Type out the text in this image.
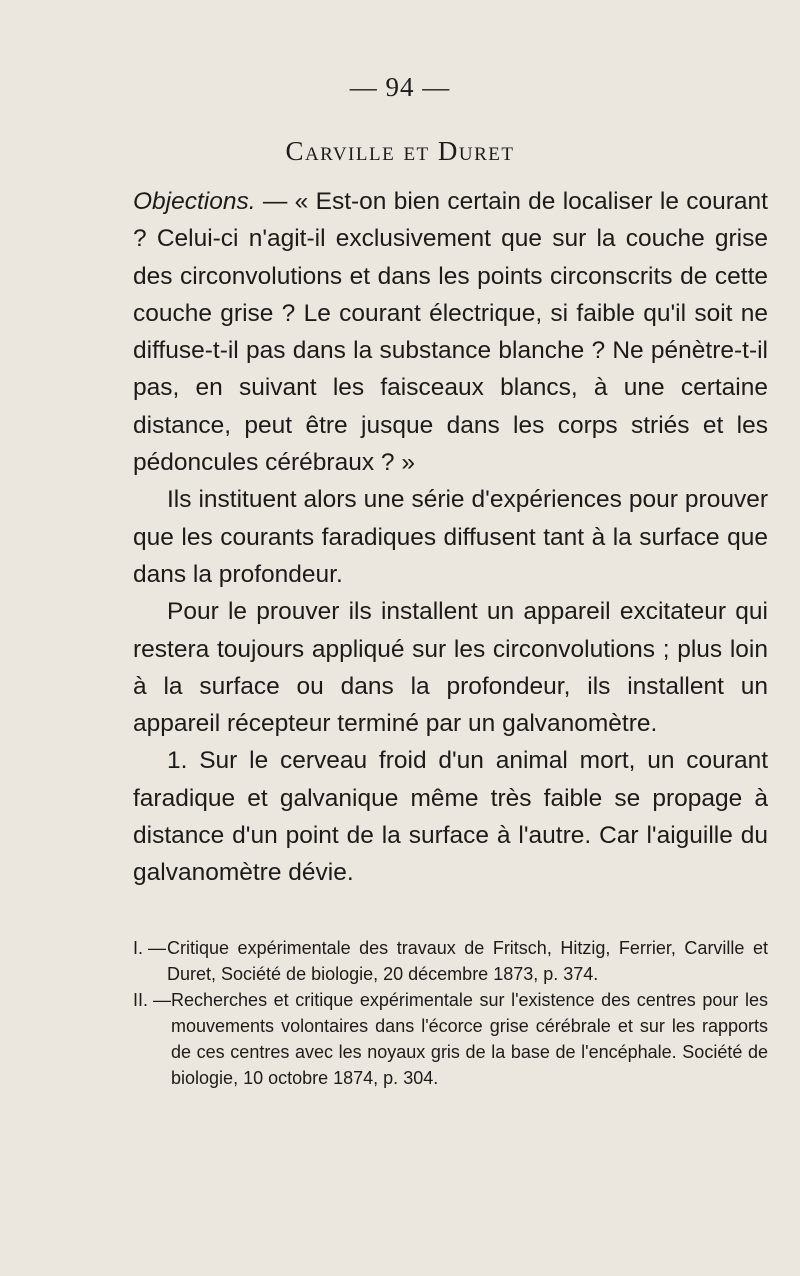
— 94 —
Carville et Duret

Objections. — « Est-on bien certain de localiser le courant ? Celui-ci n'agit-il exclusivement que sur la couche grise des circonvolutions et dans les points circonscrits de cette couche grise ? Le courant électrique, si faible qu'il soit ne diffuse-t-il pas dans la substance blanche ? Ne pénètre-t-il pas, en suivant les faisceaux blancs, à une certaine distance, peut être jusque dans les corps striés et les pédoncules cérébraux ? »

Ils instituent alors une série d'expériences pour prouver que les courants faradiques diffusent tant à la surface que dans la profondeur.

Pour le prouver ils installent un appareil excitateur qui restera toujours appliqué sur les circonvolutions ; plus loin à la surface ou dans la profondeur, ils installent un appareil récepteur terminé par un galvanomètre.

1. Sur le cerveau froid d'un animal mort, un courant faradique et galvanique même très faible se propage à distance d'un point de la surface à l'autre. Car l'aiguille du galvanomètre dévie.

I. — Critique expérimentale des travaux de Fritsch, Hitzig, Ferrier, Carville et Duret, Société de biologie, 20 décembre 1873, p. 374.
II. — Recherches et critique expérimentale sur l'existence des centres pour les mouvements volontaires dans l'écorce grise cérébrale et sur les rapports de ces centres avec les noyaux gris de la base de l'encéphale. Société de biologie, 10 octobre 1874, p. 304.
